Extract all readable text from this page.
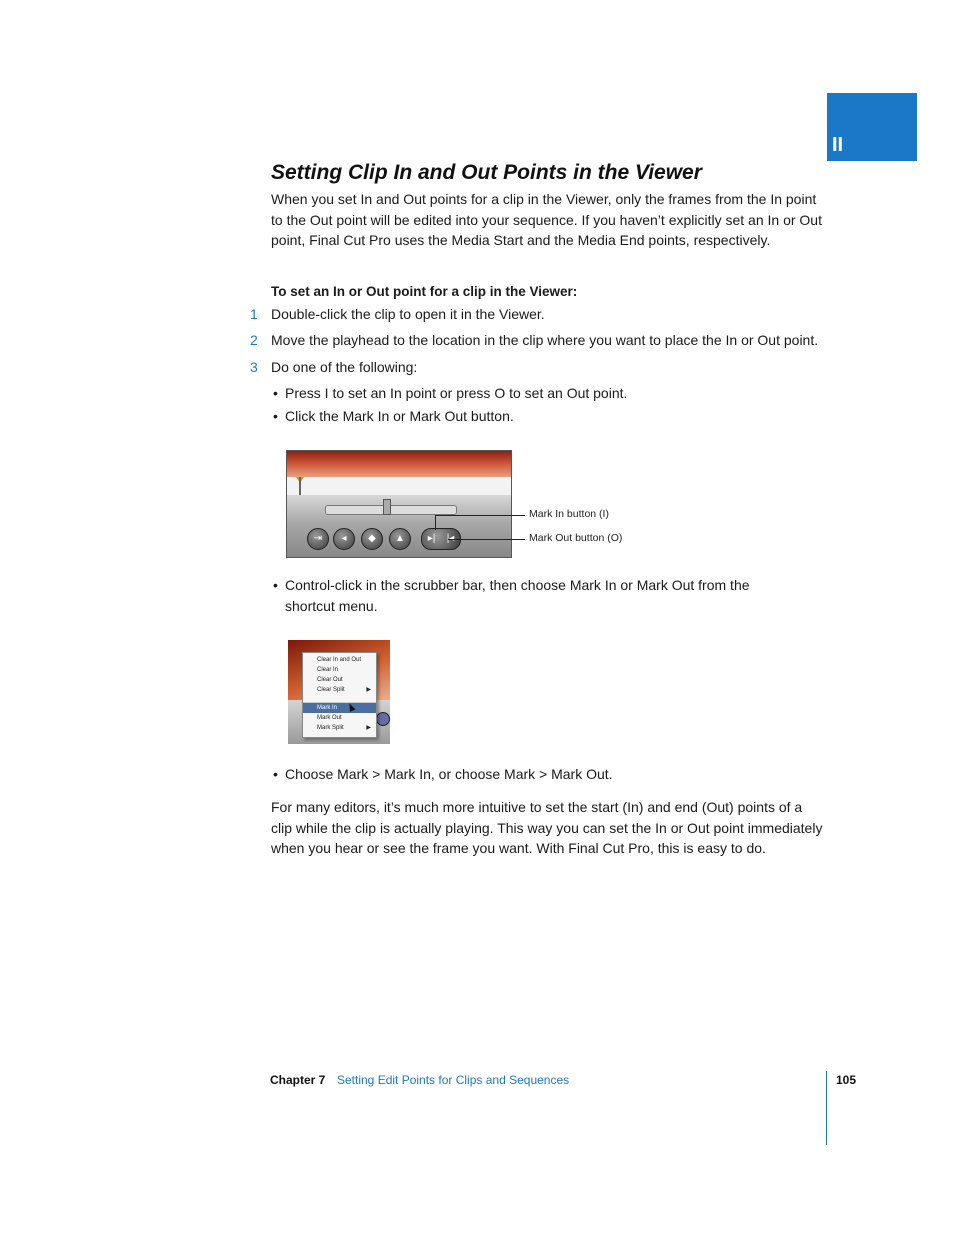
II
Setting Clip In and Out Points in the Viewer

When you set In and Out points for a clip in the Viewer, only the frames from the In point to the Out point will be edited into your sequence. If you haven’t explicitly set an In or Out point, Final Cut Pro uses the Media Start and the Media End points, respectively.

To set an In or Out point for a clip in the Viewer:

1 Double-click the clip to open it in the Viewer.
2 Move the playhead to the location in the clip where you want to place the In or Out point.
3 Do one of the following:
• Press I to set an In point or press O to set an Out point.
• Click the Mark In or Mark Out button.
⇥	◂	◆	▲	▸|
Mark In button (I)
Mark Out button (O)
• Control-click in the scrubber bar, then choose Mark In or Mark Out from the shortcut menu.
Clear In and Out
Clear In
Clear Out
Clear Split	▶
Mark In
Mark Out
Mark Split	▶
• Choose Mark > Mark In, or choose Mark > Mark Out.

For many editors, it’s much more intuitive to set the start (In) and end (Out) points of a clip while the clip is actually playing. This way you can set the In or Out point immediately when you hear or see the frame you want. With Final Cut Pro, this is easy to do.

Chapter 7 Setting Edit Points for Clips and Sequences	105
